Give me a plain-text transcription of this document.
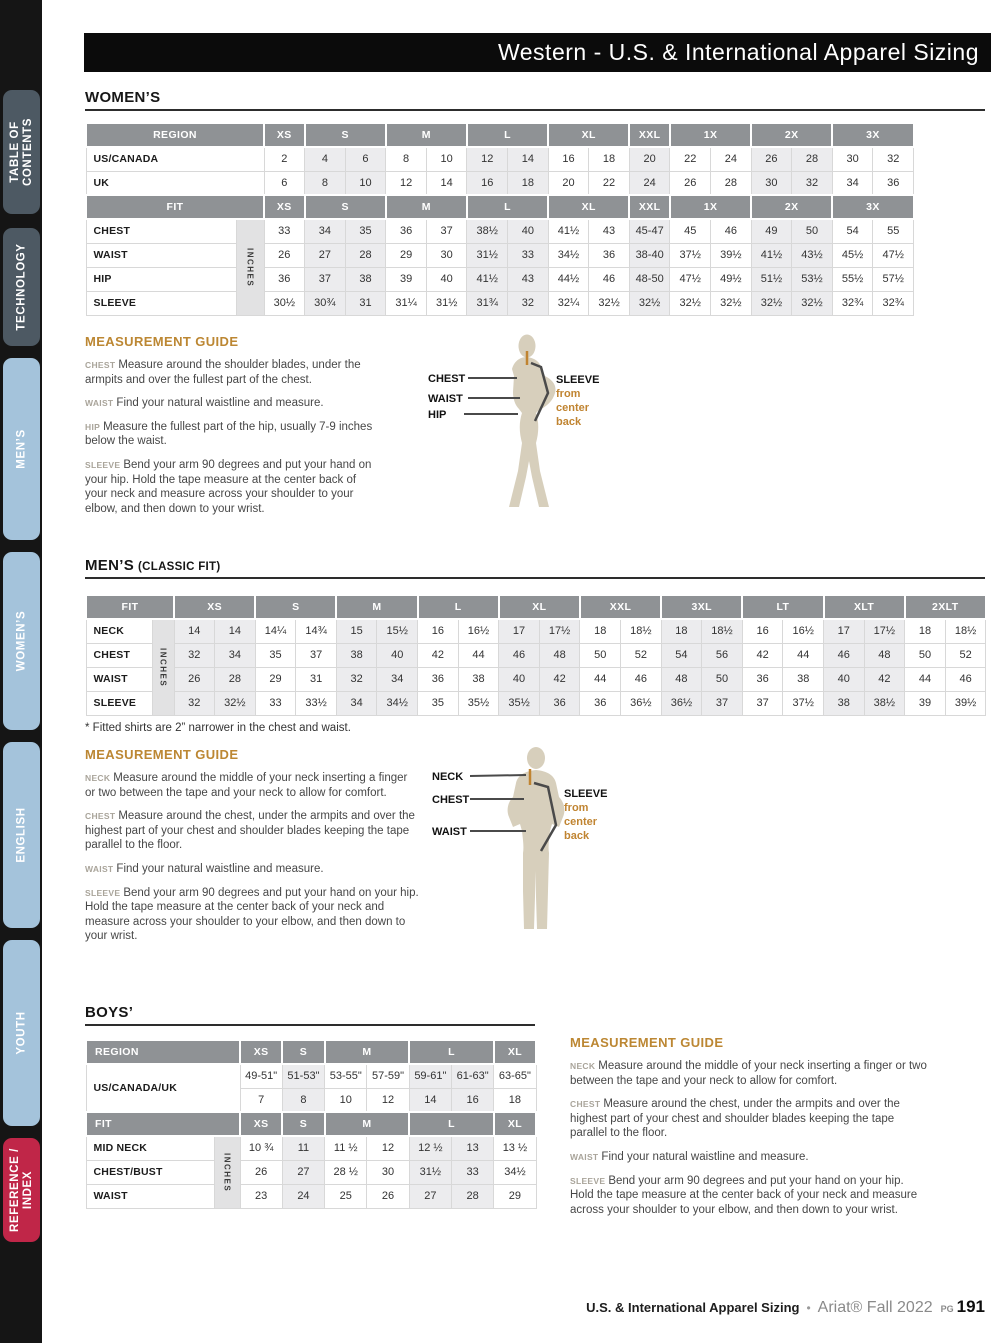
TABLE OF CONTENTS
TECHNOLOGY
MEN’S
WOMEN’S
ENGLISH
YOUTH
REFERENCE / INDEX
Western - U.S. & International Apparel Sizing
WOMEN’S
REGION		XS	S		M		L		XL		XXL	1X		2X		3X	
US/CANADA		2	4	6	8	10	12	14	16	18	20	22	24	26	28	30	32
UK		6	8	10	12	14	16	18	20	22	24	26	28	30	32	34	36
FIT		XS	S		M		L		XL		XXL	1X		2X		3X	
CHEST	INCHES	33	34	35	36	37	38½	40	41½	43	45-47	45	46	49	50	54	55
WAIST		26	27	28	29	30	31½	33	34½	36	38-40	37½	39½	41½	43½	45½	47½
HIP		36	37	38	39	40	41½	43	44½	46	48-50	47½	49½	51½	53½	55½	57½
SLEEVE		30½	30¾	31	31¼	31½	31¾	32	32¼	32½	32½	32½	32½	32½	32½	32¾	32¾
MEASUREMENT GUIDE

CHEST Measure around the shoulder blades, under the armpits and over the fullest part of the chest.

WAIST Find your natural waistline and measure.

HIP Measure the fullest part of the hip, usually 7-9 inches below the waist.

SLEEVE Bend your arm 90 degrees and put your hand on your hip. Hold the tape measure at the center back of your neck and measure across your shoulder to your elbow, and then down to your wrist.

CHEST
WAIST
HIP
SLEEVE
from
center
back
MEN’S (CLASSIC FIT)
FIT		XS		S		M		L		XL		XXL		3XL		LT		XLT		2XLT	
NECK	INCHES	14	14	14¼	14¾	15	15½	16	16½	17	17½	18	18½	18	18½	16	16½	17	17½	18	18½
CHEST		32	34	35	37	38	40	42	44	46	48	50	52	54	56	42	44	46	48	50	52
WAIST		26	28	29	31	32	34	36	38	40	42	44	46	48	50	36	38	40	42	44	46
SLEEVE		32	32½	33	33½	34	34½	35	35½	35½	36	36	36½	36½	37	37	37½	38	38½	39	39½
* Fitted shirts are 2” narrower in the chest and waist.
MEASUREMENT GUIDE

NECK Measure around the middle of your neck inserting a finger or two between the tape and your neck to allow for comfort.

CHEST Measure around the chest, under the armpits and over the highest part of your chest and shoulder blades keeping the tape parallel to the floor.

WAIST Find your natural waistline and measure.

SLEEVE Bend your arm 90 degrees and put your hand on your hip. Hold the tape measure at the center back of your neck and measure across your shoulder to your elbow, and then down to your wrist.

NECK
CHEST
WAIST
SLEEVE
from
center
back
BOYS’
REGION		XS	S	M		L		XL
US/CANADA/UK		49-51"	51-53"	53-55"	57-59"	59-61"	61-63"	63-65"
		7	8	10	12	14	16	18
FIT		XS	S	M		L		XL
MID NECK	INCHES	10 ¾	11	11 ½	12	12 ½	13	13 ½
CHEST/BUST		26	27	28 ½	30	31½	33	34½
WAIST		23	24	25	26	27	28	29
MEASUREMENT GUIDE

NECK Measure around the middle of your neck inserting a finger or two between the tape and your neck to allow for comfort.

CHEST Measure around the chest, under the armpits and over the highest part of your chest and shoulder blades keeping the tape parallel to the floor.

WAIST Find your natural waistline and measure.

SLEEVE Bend your arm 90 degrees and put your hand on your hip. Hold the tape measure at the center back of your neck and measure across your shoulder to your elbow, and then down to your wrist.

U.S. & International Apparel Sizing • Ariat® Fall 2022 PG 191
